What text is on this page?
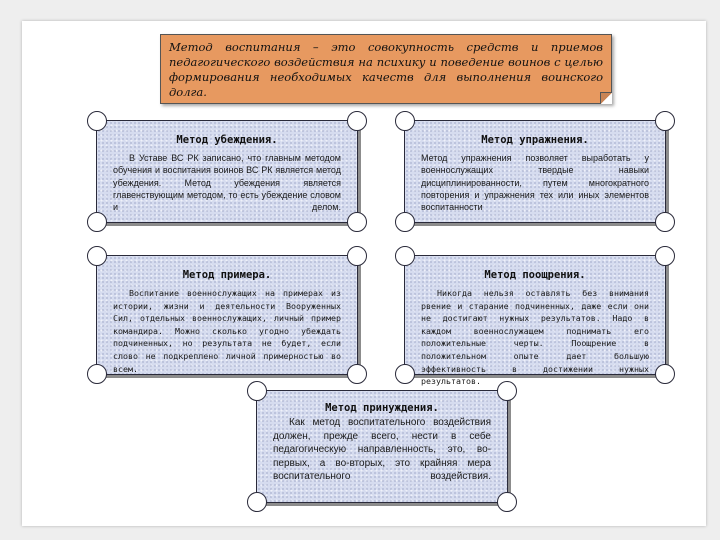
Метод воспитания – это совокупность средств и приемов педагогического воздействия на психику и поведение воинов с целью формирования необходимых качеств для выполнения воинского долга.
Метод убеждения.
В Уставе ВС РК записано, что главным методом обучения и воспитания воинов ВС РК является метод убеждения. Метод убеждения является главенствующим методом, то есть убеждение словом и делом.
Метод упражнения.
Метод упражнения позволяет выработать у военнослужащих твердые навыки дисциплинированности, путем многократного повторения и упражнения тех или иных элементов воспитанности
Метод примера.
Воспитание военнослужащих на примерах из истории, жизни и деятельности Вооруженных Сил, отдельных военнослужащих, личный пример командира. Можно сколько угодно убеждать подчиненных, но результата не будет, если слово не подкреплено личной примерностью во всем.
Метод поощрения.
Никогда нельзя оставлять без внимания рвение и старание подчиненных, даже если они не достигают нужных результатов. Надо в каждом военнослужащем поднимать его положительные черты. Поощрение в положительном опыте дает большую эффективность в достижении нужных результатов.
Метод принуждения.
Как метод воспитательного воздействия должен, прежде всего, нести в себе педагогическую направленность, это, во-первых, а во-вторых, это крайняя мера воспитательного воздействия.
